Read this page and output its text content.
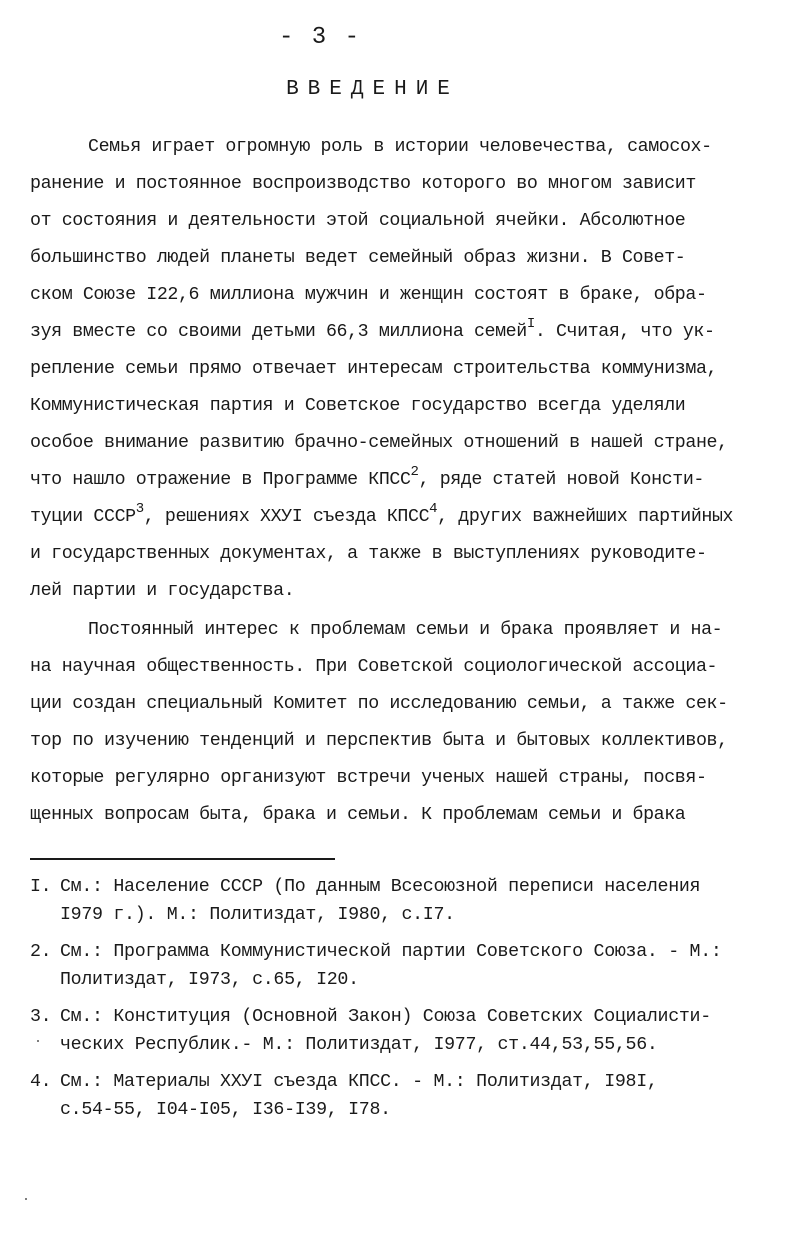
- 3 -
ВВЕДЕНИЕ
Семья играет огромную роль в истории человечества, самосох-
ранение и постоянное воспроизводство которого во многом зависит
от состояния и деятельности этой социальной ячейки. Абсолютное
большинство людей планеты ведет семейный образ жизни. В Совет-
ском Союзе I22,6 миллиона мужчин и женщин состоят в браке, обра-
зуя вместе со своими детьми 66,3 миллиона семей$^I$. Считая, что ук-
репление семьи прямо отвечает интересам строительства коммунизма,
Коммунистическая партия и Советское государство всегда уделяли
особое внимание развитию брачно-семейных отношений в нашей стране,
что нашло отражение в Программе КПСС$^2$, ряде статей новой Консти-
туции СССР$^3$, решениях XXУI съезда КПСС$^4$, других важнейших партийных
и государственных документах, а также в выступлениях руководите-
лей партии и государства.
Постоянный интерес к проблемам семьи и брака проявляет и на-
на научная общественность. При Советской социологической ассоциа-
ции создан специальный Комитет по исследованию семьи, а также сек-
тор по изучению тенденций и перспектив быта и бытовых коллективов,
которые регулярно организуют встречи ученых нашей страны, посвя-
щенных вопросам быта, брака и семьи. К проблемам семьи и брака
I. См.: Население СССР (По данным Всесоюзной переписи населения
I979 г.). М.: Политиздат, I980, с.I7.
2. См.: Программа Коммунистической партии Советского Союза. - М.:
Политиздат, I973, с.65, I20.
3. См.: Конституция (Основной Закон) Союза Советских Социалисти-
ческих Республик.- М.: Политиздат, I977, ст.44,53,55,56.
4. См.: Материалы XXУI съезда КПСС. - М.: Политиздат, I98I,
с.54-55, I04-I05, I36-I39, I78.
